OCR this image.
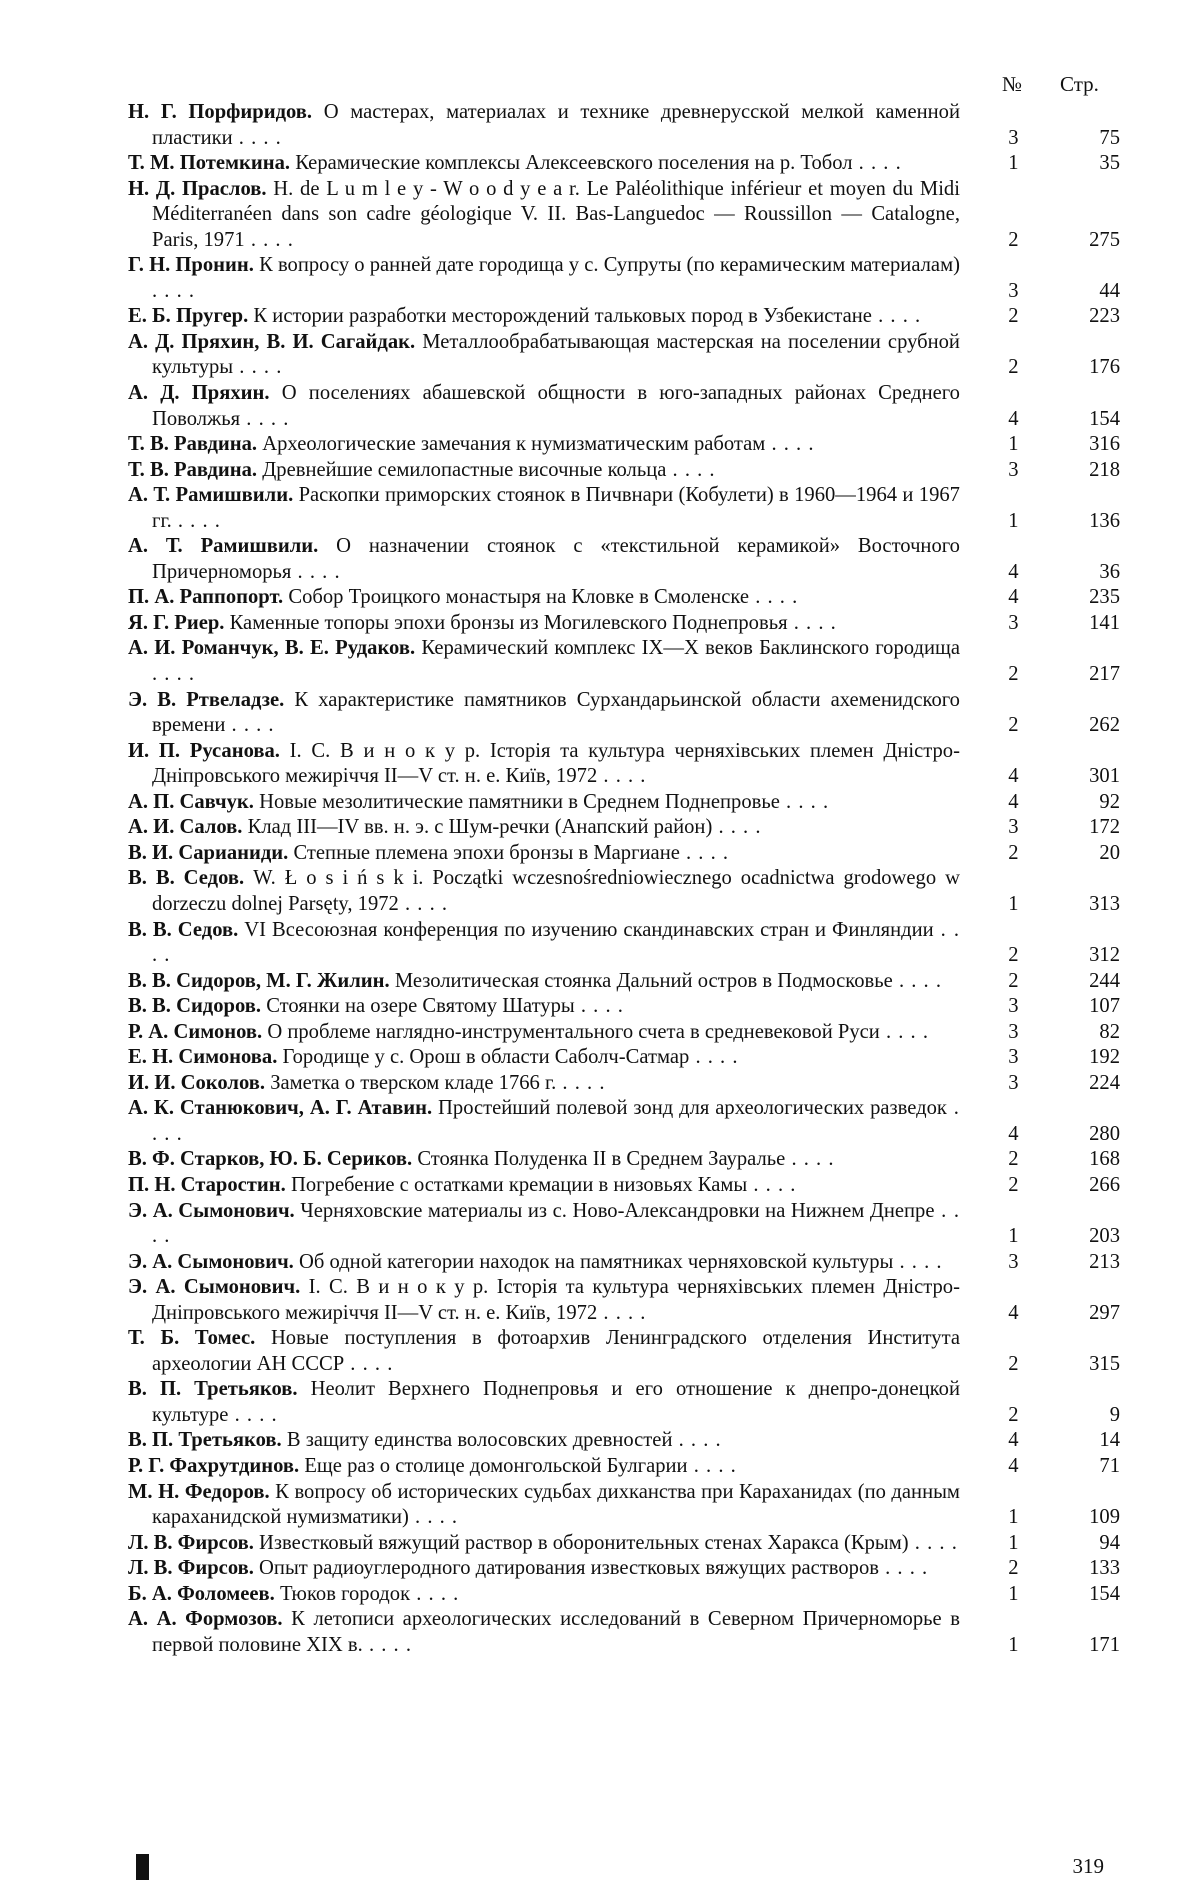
№ Стр.
Н. Г. Порфиридов. О мастерах, материалах и технике древнерусской мелкой каменной пластики . . . .	3	75
Т. М. Потемкина. Керамические комплексы Алексеевского поселения на р. Тобол . . . .	1	35
Н. Д. Праслов. H. de L u m l e y - W o o d y e a r. Le Paléolithique inférieur et moyen du Midi Méditerranéen dans son cadre géologique V. II. Bas-Languedoc — Roussillon — Catalogne, Paris, 1971 . . . .	2	275
Г. Н. Пронин. К вопросу о ранней дате городища у с. Супруты (по керамическим материалам) . . . .	3	44
Е. Б. Пругер. К истории разработки месторождений тальковых пород в Узбекистане . . . .	2	223
А. Д. Пряхин, В. И. Сагайдак. Металлообрабатывающая мастерская на поселении срубной культуры . . . .	2	176
А. Д. Пряхин. О поселениях абашевской общности в юго-западных районах Среднего Поволжья . . . .	4	154
Т. В. Равдина. Археологические замечания к нумизматическим работам . . . .	1	316
Т. В. Равдина. Древнейшие семилопастные височные кольца . . . .	3	218
А. Т. Рамишвили. Раскопки приморских стоянок в Пичвнари (Кобулети) в 1960—1964 и 1967 гг. . . . .	1	136
А. Т. Рамишвили. О назначении стоянок с «текстильной керамикой» Восточного Причерноморья . . . .	4	36
П. А. Раппопорт. Собор Троицкого монастыря на Кловке в Смоленске . . . .	4	235
Я. Г. Риер. Каменные топоры эпохи бронзы из Могилевского Поднепровья . . . .	3	141
А. И. Романчук, В. Е. Рудаков. Керамический комплекс IX—X веков Баклинского городища . . . .	2	217
Э. В. Ртвеладзе. К характеристике памятников Сурхандарьинской области ахеменидского времени . . . .	2	262
И. П. Русанова. І. С. В и н о к у р. Історія та культура черняхівських племен Дністро-Дніпровського межиріччя II—V ст. н. е. Київ, 1972 . . . .	4	301
А. П. Савчук. Новые мезолитические памятники в Среднем Поднепровье . . . .	4	92
А. И. Салов. Клад III—IV вв. н. э. с Шум-речки (Анапский район) . . . .	3	172
В. И. Сарианиди. Степные племена эпохи бронзы в Маргиане . . . .	2	20
В. В. Седов. W. Ł o s i ń s k i. Początki wczesnośredniowiecznego ocadnictwa grodowego w dorzeczu dolnej Parsęty, 1972 . . . .	1	313
В. В. Седов. VI Всесоюзная конференция по изучению скандинавских стран и Финляндии . . . .	2	312
В. В. Сидоров, М. Г. Жилин. Мезолитическая стоянка Дальний остров в Подмосковье . . . .	2	244
В. В. Сидоров. Стоянки на озере Святому Шатуры . . . .	3	107
Р. А. Симонов. О проблеме наглядно-инструментального счета в средневековой Руси . . . .	3	82
Е. Н. Симонова. Городище у с. Орош в области Саболч-Сатмар . . . .	3	192
И. И. Соколов. Заметка о тверском кладе 1766 г. . . . .	3	224
А. К. Станюкович, А. Г. Атавин. Простейший полевой зонд для археологических разведок . . . .	4	280
В. Ф. Старков, Ю. Б. Сериков. Стоянка Полуденка II в Среднем Зауралье . . . .	2	168
П. Н. Старостин. Погребение с остатками кремации в низовьях Камы . . . .	2	266
Э. А. Сымонович. Черняховские материалы из с. Ново-Александровки на Нижнем Днепре . . . .	1	203
Э. А. Сымонович. Об одной категории находок на памятниках черняховской культуры . . . .	3	213
Э. А. Сымонович. І. С. В и н о к у р. Історія та культура черняхівських племен Дністро-Дніпровського межиріччя II—V ст. н. е. Київ, 1972 . . . .	4	297
Т. Б. Томес. Новые поступления в фотоархив Ленинградского отделения Института археологии АН СССР . . . .	2	315
В. П. Третьяков. Неолит Верхнего Поднепровья и его отношение к днепро-донецкой культуре . . . .	2	9
В. П. Третьяков. В защиту единства волосовских древностей . . . .	4	14
Р. Г. Фахрутдинов. Еще раз о столице домонгольской Булгарии . . . .	4	71
М. Н. Федоров. К вопросу об исторических судьбах дихканства при Караханидах (по данным караханидской нумизматики) . . . .	1	109
Л. В. Фирсов. Известковый вяжущий раствор в оборонительных стенах Харакса (Крым) . . . .	1	94
Л. В. Фирсов. Опыт радиоуглеродного датирования известковых вяжущих растворов . . . .	2	133
Б. А. Фоломеев. Тюков городок . . . .	1	154
А. А. Формозов. К летописи археологических исследований в Северном Причерноморье в первой половине XIX в. . . . .	1	171
319
